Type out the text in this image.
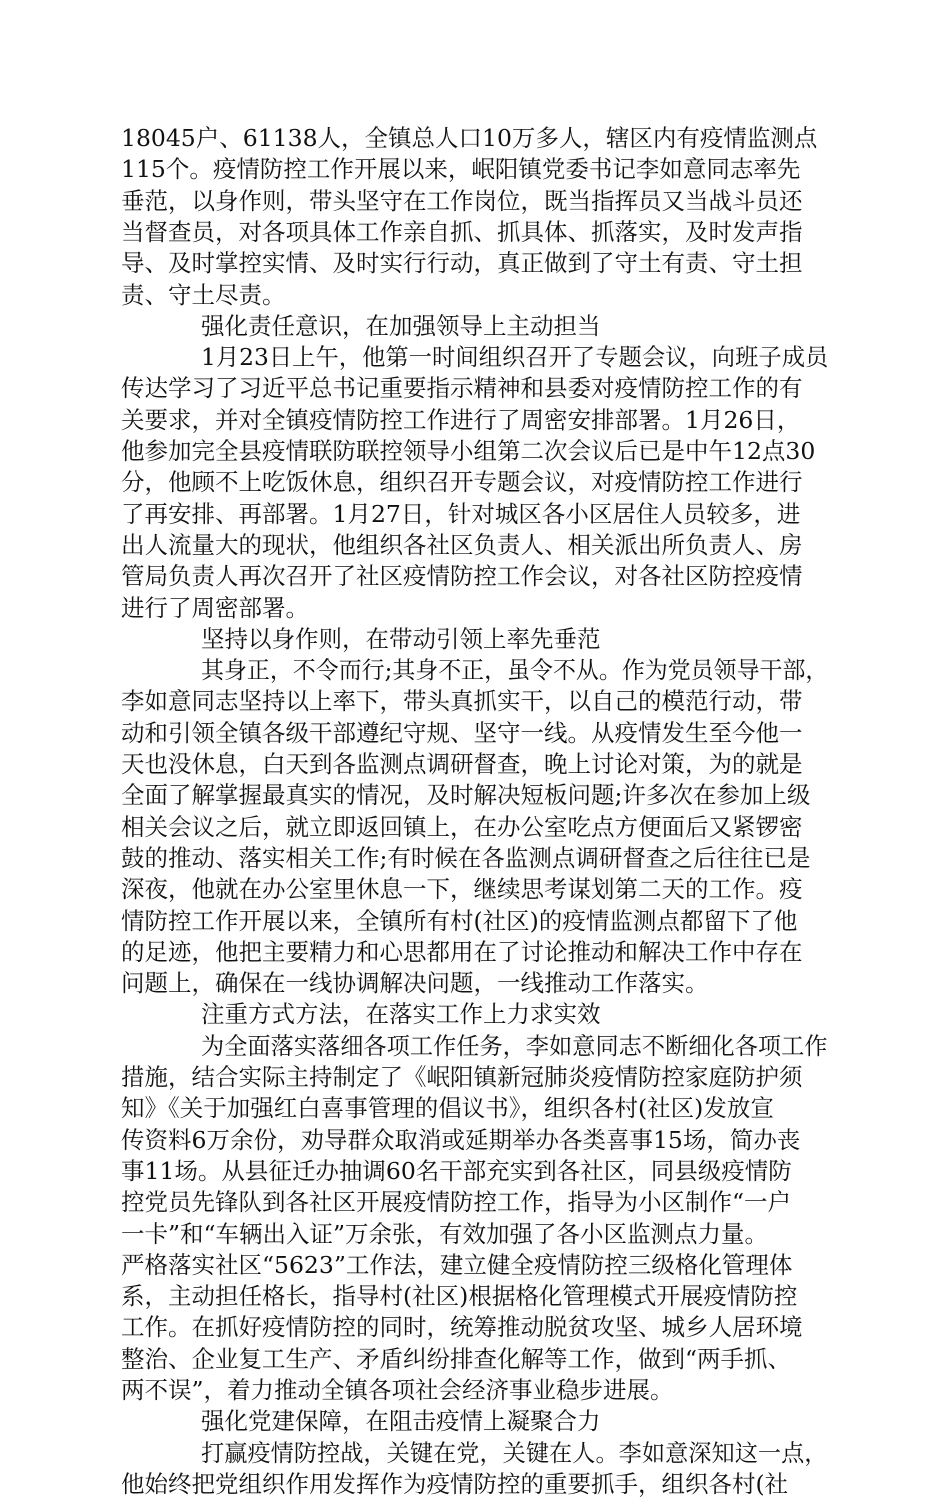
18045户、61138人，全镇总人口10万多人，辖区内有疫情监测点

115个。疫情防控工作开展以来，岷阳镇党委书记李如意同志率先

垂范，以身作则，带头坚守在工作岗位，既当指挥员又当战斗员还

当督查员，对各项具体工作亲自抓、抓具体、抓落实，及时发声指

导、及时掌控实情、及时实行行动，真正做到了守土有责、守土担

责、守土尽责。

强化责任意识，在加强领导上主动担当

1月23日上午，他第一时间组织召开了专题会议，向班子成员

传达学习了习近平总书记重要指示精神和县委对疫情防控工作的有

关要求，并对全镇疫情防控工作进行了周密安排部署。1月26日，

他参加完全县疫情联防联控领导小组第二次会议后已是中午12点30

分，他顾不上吃饭休息，组织召开专题会议，对疫情防控工作进行

了再安排、再部署。1月27日，针对城区各小区居住人员较多，进

出人流量大的现状，他组织各社区负责人、相关派出所负责人、房

管局负责人再次召开了社区疫情防控工作会议，对各社区防控疫情

进行了周密部署。

坚持以身作则，在带动引领上率先垂范

其身正，不令而行;其身不正，虽令不从。作为党员领导干部，

李如意同志坚持以上率下，带头真抓实干，以自己的模范行动，带

动和引领全镇各级干部遵纪守规、坚守一线。从疫情发生至今他一

天也没休息，白天到各监测点调研督查，晚上讨论对策，为的就是

全面了解掌握最真实的情况，及时解决短板问题;许多次在参加上级

相关会议之后，就立即返回镇上，在办公室吃点方便面后又紧锣密

鼓的推动、落实相关工作;有时候在各监测点调研督查之后往往已是

深夜，他就在办公室里休息一下，继续思考谋划第二天的工作。疫

情防控工作开展以来，全镇所有村(社区)的疫情监测点都留下了他

的足迹，他把主要精力和心思都用在了讨论推动和解决工作中存在

问题上，确保在一线协调解决问题，一线推动工作落实。

注重方式方法，在落实工作上力求实效

为全面落实落细各项工作任务，李如意同志不断细化各项工作

措施，结合实际主持制定了《岷阳镇新冠肺炎疫情防控家庭防护须

知》《关于加强红白喜事管理的倡议书》，组织各村(社区)发放宣

传资料6万余份，劝导群众取消或延期举办各类喜事15场，简办丧

事11场。从县征迁办抽调60名干部充实到各社区，同县级疫情防

控党员先锋队到各社区开展疫情防控工作，指导为小区制作“一户

一卡”和“车辆出入证”万余张，有效加强了各小区监测点力量。

严格落实社区“5623”工作法，建立健全疫情防控三级格化管理体

系，主动担任格长，指导村(社区)根据格化管理模式开展疫情防控

工作。在抓好疫情防控的同时，统筹推动脱贫攻坚、城乡人居环境

整治、企业复工生产、矛盾纠纷排查化解等工作，做到“两手抓、

两不误”，着力推动全镇各项社会经济事业稳步进展。

强化党建保障，在阻击疫情上凝聚合力

打赢疫情防控战，关键在党，关键在人。李如意深知这一点，

他始终把党组织作用发挥作为疫情防控的重要抓手，组织各村(社
